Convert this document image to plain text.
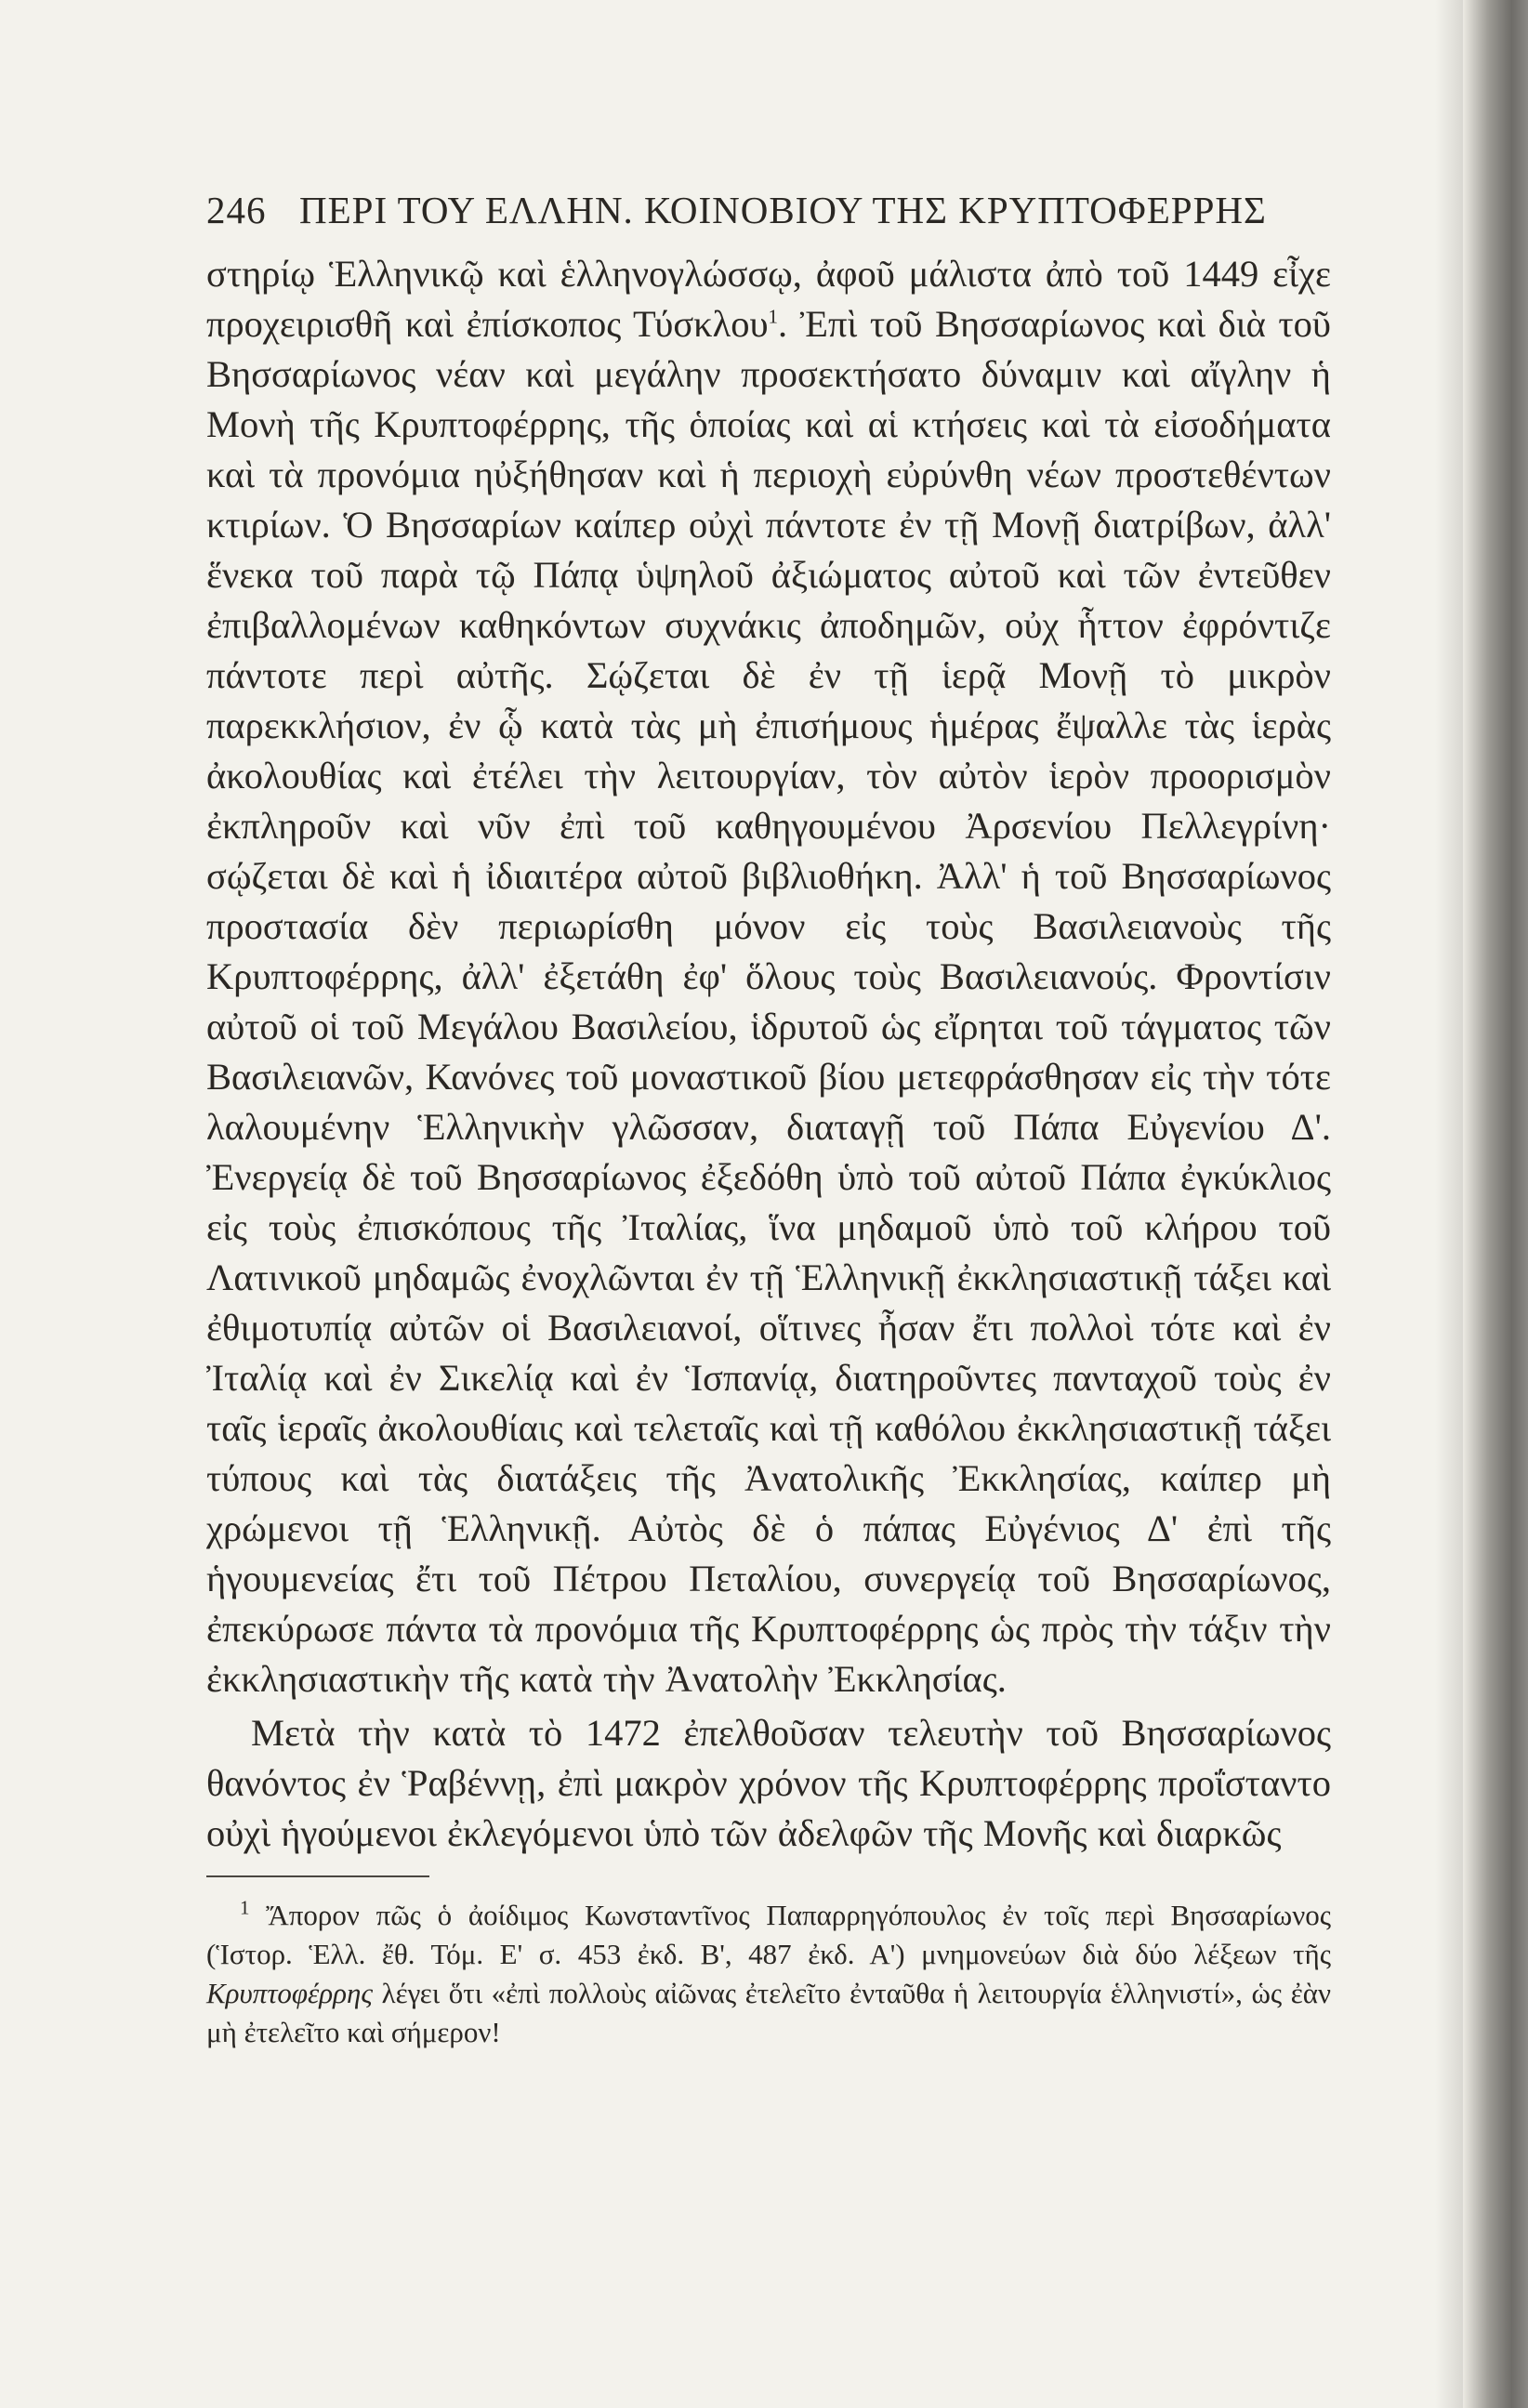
246 ΠΕΡΙ ΤΟΥ ΕΛΛΗΝ. ΚΟΙΝΟΒΙΟΥ ΤΗΣ ΚΡΥΠΤΟΦΕΡΡΗΣ

στηρίῳ Ἑλληνικῷ καὶ ἑλληνογλώσσῳ, ἀφοῦ μάλιστα ἀπὸ τοῦ 1449 εἶχε προχειρισθῆ καὶ ἐπίσκοπος Τύσκλου$^1$. Ἐπὶ τοῦ Βησσαρίωνος καὶ διὰ τοῦ Βησσαρίωνος νέαν καὶ μεγάλην προσεκτήσατο δύναμιν καὶ αἴγλην ἡ Μονὴ τῆς Κρυπτοφέρρης, τῆς ὁποίας καὶ αἱ κτήσεις καὶ τὰ εἰσοδήματα καὶ τὰ προνόμια ηὐξήθησαν καὶ ἡ περιοχὴ εὐρύνθη νέων προστεθέντων κτιρίων. Ὁ Βησσαρίων καίπερ οὐχὶ πάντοτε ἐν τῇ Μονῇ διατρίβων, ἀλλ' ἕνεκα τοῦ παρὰ τῷ Πάπᾳ ὑψηλοῦ ἀξιώματος αὐτοῦ καὶ τῶν ἐντεῦθεν ἐπιβαλλομένων καθηκόντων συχνάκις ἀποδημῶν, οὐχ ἧττον ἐφρόντιζε πάντοτε περὶ αὐτῆς. Σῴζεται δὲ ἐν τῇ ἱερᾷ Μονῇ τὸ μικρὸν παρεκκλήσιον, ἐν ᾧ κατὰ τὰς μὴ ἐπισήμους ἡμέρας ἔψαλλε τὰς ἱερὰς ἀκολουθίας καὶ ἐτέλει τὴν λειτουργίαν, τὸν αὐτὸν ἱερὸν προορισμὸν ἐκπληροῦν καὶ νῦν ἐπὶ τοῦ καθηγουμένου Ἀρσενίου Πελλεγρίνη· σῴζεται δὲ καὶ ἡ ἰδιαιτέρα αὐτοῦ βιβλιοθήκη. Ἀλλ' ἡ τοῦ Βησσαρίωνος προστασία δὲν περιωρίσθη μόνον εἰς τοὺς Βασιλειανοὺς τῆς Κρυπτοφέρρης, ἀλλ' ἐξετάθη ἐφ' ὅλους τοὺς Βασιλειανούς. Φροντίσιν αὐτοῦ οἱ τοῦ Μεγάλου Βασιλείου, ἱδρυτοῦ ὡς εἴρηται τοῦ τάγματος τῶν Βασιλειανῶν, Κανόνες τοῦ μοναστικοῦ βίου μετεφράσθησαν εἰς τὴν τότε λαλουμένην Ἑλληνικὴν γλῶσσαν, διαταγῇ τοῦ Πάπα Εὐγενίου Δ'. Ἐνεργείᾳ δὲ τοῦ Βησσαρίωνος ἐξεδόθη ὑπὸ τοῦ αὐτοῦ Πάπα ἐγκύκλιος εἰς τοὺς ἐπισκόπους τῆς Ἰταλίας, ἵνα μηδαμοῦ ὑπὸ τοῦ κλήρου τοῦ Λατινικοῦ μηδαμῶς ἐνοχλῶνται ἐν τῇ Ἑλληνικῇ ἐκκλησιαστικῇ τάξει καὶ ἐθιμοτυπίᾳ αὐτῶν οἱ Βασιλειανοί, οἵτινες ἦσαν ἔτι πολλοὶ τότε καὶ ἐν Ἰταλίᾳ καὶ ἐν Σικελίᾳ καὶ ἐν Ἱσπανίᾳ, διατηροῦντες πανταχοῦ τοὺς ἐν ταῖς ἱεραῖς ἀκολουθίαις καὶ τελεταῖς καὶ τῇ καθόλου ἐκκλησιαστικῇ τάξει τύπους καὶ τὰς διατάξεις τῆς Ἀνατολικῆς Ἐκκλησίας, καίπερ μὴ χρώμενοι τῇ Ἑλληνικῇ. Αὐτὸς δὲ ὁ πάπας Εὐγένιος Δ' ἐπὶ τῆς ἡγουμενείας ἔτι τοῦ Πέτρου Πεταλίου, συνεργείᾳ τοῦ Βησσαρίωνος, ἐπεκύρωσε πάντα τὰ προνόμια τῆς Κρυπτοφέρρης ὡς πρὸς τὴν τάξιν τὴν ἐκκλησιαστικὴν τῆς κατὰ τὴν Ἀνατολὴν Ἐκκλησίας.

Μετὰ τὴν κατὰ τὸ 1472 ἐπελθοῦσαν τελευτὴν τοῦ Βησσαρίωνος θανόντος ἐν Ῥαβέννῃ, ἐπὶ μακρὸν χρόνον τῆς Κρυπτοφέρρης προΐσταντο οὐχὶ ἡγούμενοι ἐκλεγόμενοι ὑπὸ τῶν ἀδελφῶν τῆς Μονῆς καὶ διαρκῶς

$^1$ Ἄπορον πῶς ὁ ἀοίδιμος Κωνσταντῖνος Παπαρρηγόπουλος ἐν τοῖς περὶ Βησσαρίωνος (Ἱστορ. Ἑλλ. ἔθ. Τόμ. Ε' σ. 453 ἐκδ. Β', 487 ἐκδ. Α') μνημονεύων διὰ δύο λέξεων τῆς Κρυπτοφέρρης λέγει ὅτι «ἐπὶ πολλοὺς αἰῶνας ἐτελεῖτο ἐνταῦθα ἡ λειτουργία ἑλληνιστί», ὡς ἐὰν μὴ ἐτελεῖτο καὶ σήμερον!
